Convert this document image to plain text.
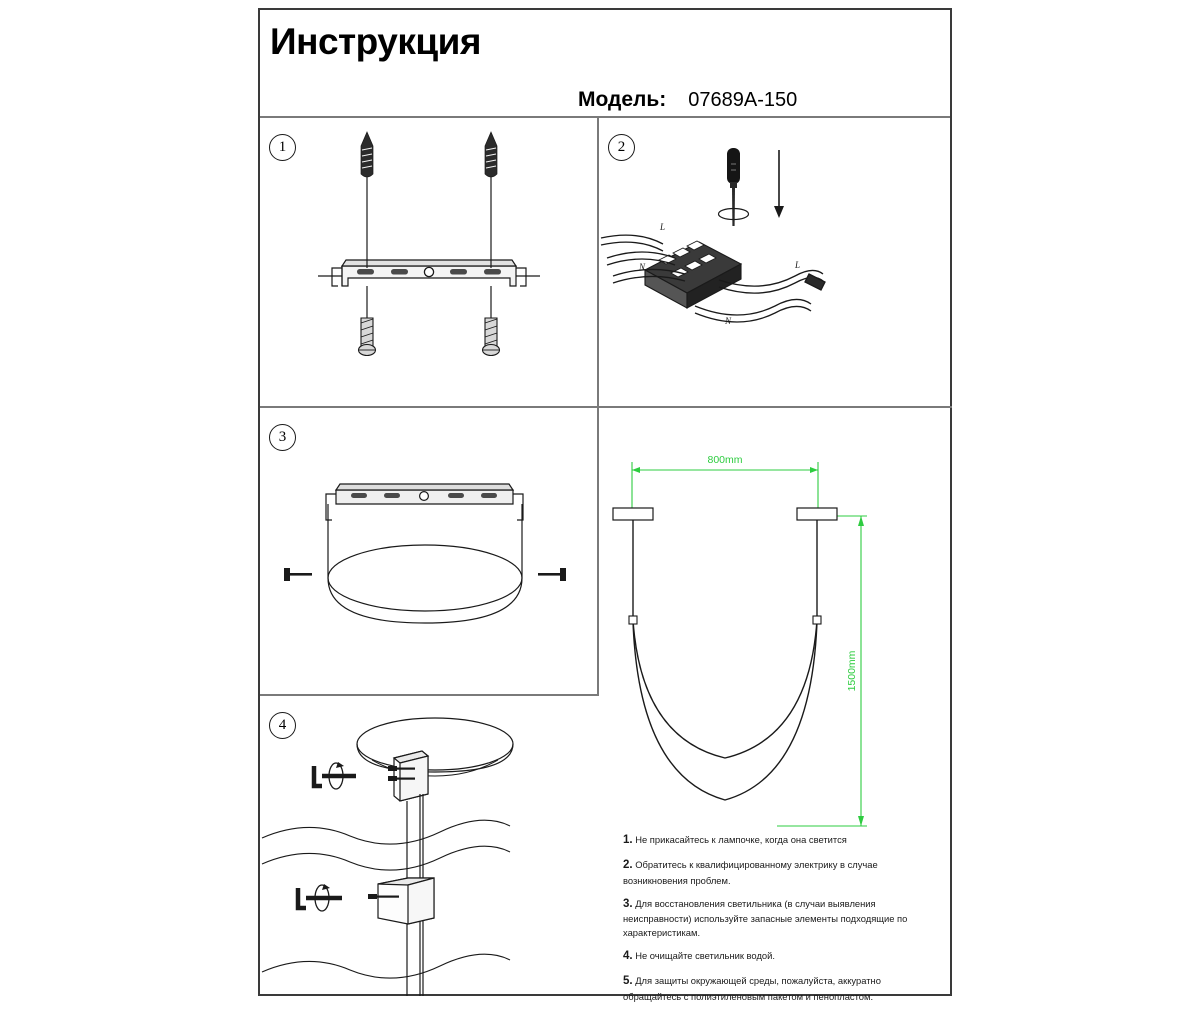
Инструкция
Модель: 07689A-150
1	2
L
N	L
N
3
4
800mm
1500mm
1. Не прикасайтесь к лампочке, когда она светится
2. Обратитесь к квалифицированному электрику в случае возникновения проблем.
3. Для восстановления светильника (в случаи выявления неисправности) используйте запасные элементы подходящие по характеристикам.
4. Не очищайте светильник водой.
5. Для защиты окружающей среды, пожалуйста, аккуратно обращайтесь с полиэтиленовым пакетом и пенопластом.
